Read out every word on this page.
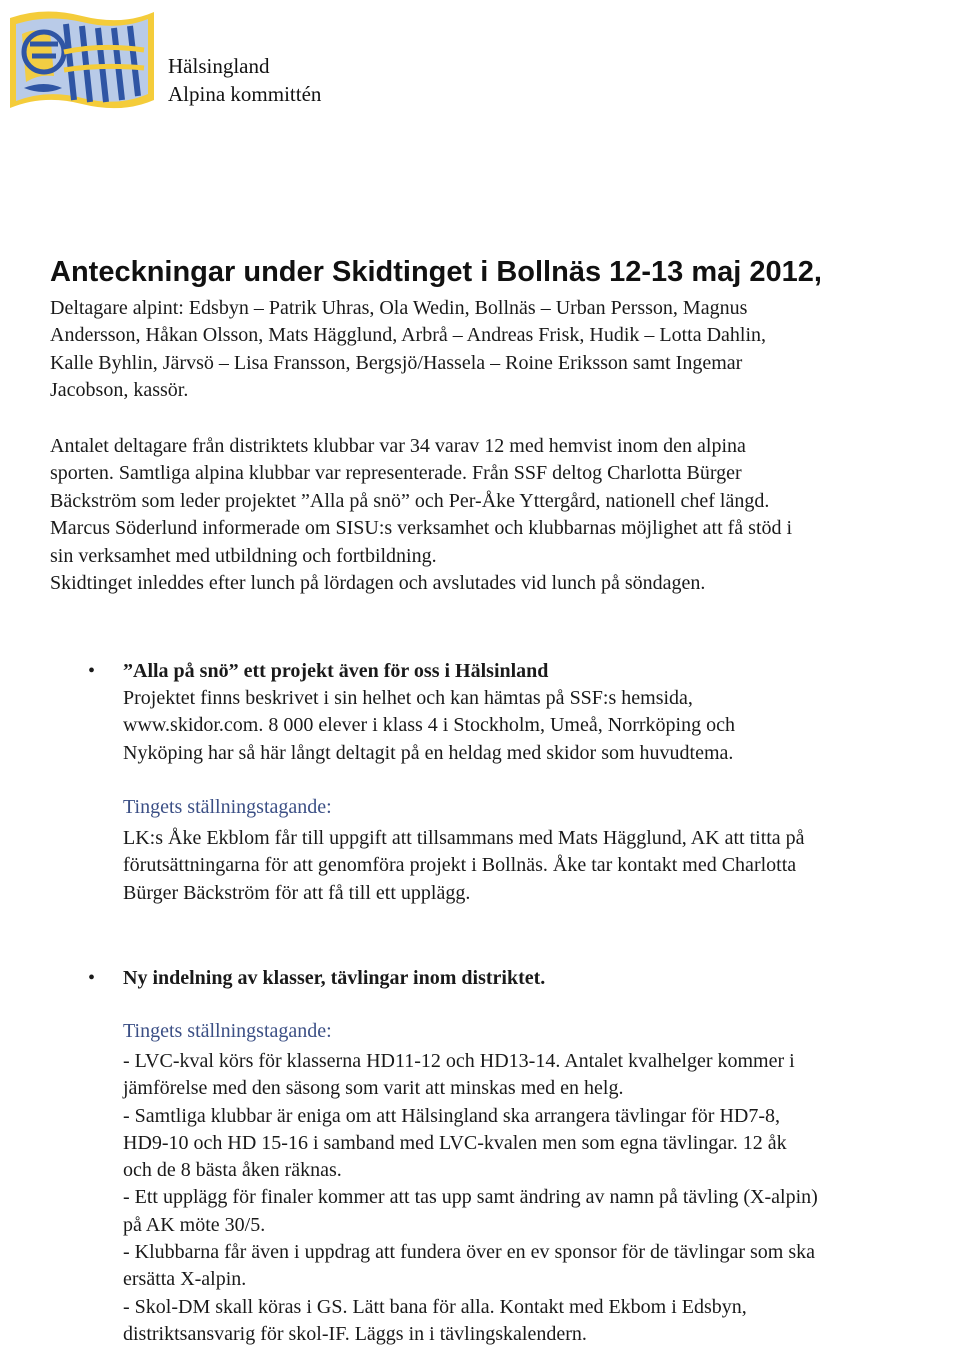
Hälsingland
Alpina kommittén
Anteckningar under Skidtinget i Bollnäs 12-13 maj 2012,

Deltagare alpint: Edsbyn – Patrik Uhras, Ola Wedin, Bollnäs – Urban Persson, Magnus
Andersson, Håkan Olsson, Mats Hägglund, Arbrå – Andreas Frisk, Hudik – Lotta Dahlin,
Kalle Byhlin, Järvsö – Lisa Fransson, Bergsjö/Hassela – Roine Eriksson samt Ingemar
Jacobson, kassör.

Antalet deltagare från distriktets klubbar var 34 varav 12 med hemvist inom den alpina
sporten. Samtliga alpina klubbar var representerade. Från SSF deltog Charlotta Bürger
Bäckström som leder projektet ”Alla på snö” och Per-Åke Yttergård, nationell chef längd.
Marcus Söderlund informerade om SISU:s verksamhet och klubbarnas möjlighet att få stöd i
sin verksamhet med utbildning och fortbildning.
Skidtinget inleddes efter lunch på lördagen och avslutades vid lunch på söndagen.

• ”Alla på snö” ett projekt även för oss i Hälsinland

Projektet finns beskrivet i sin helhet och kan hämtas på SSF:s hemsida,
www.skidor.com. 8 000 elever i klass 4 i Stockholm, Umeå, Norrköping och
Nyköping har så här långt deltagit på en heldag med skidor som huvudtema.

Tingets ställningstagande:

LK:s Åke Ekblom får till uppgift att tillsammans med Mats Hägglund, AK att titta på
förutsättningarna för att genomföra projekt i Bollnäs. Åke tar kontakt med Charlotta
Bürger Bäckström för att få till ett upplägg.

• Ny indelning av klasser, tävlingar inom distriktet.

Tingets ställningstagande:

- LVC-kval körs för klasserna HD11-12 och HD13-14. Antalet kvalhelger kommer i
jämförelse med den säsong som varit att minskas med en helg.
- Samtliga klubbar är eniga om att Hälsingland ska arrangera tävlingar för HD7-8,
HD9-10 och HD 15-16 i samband med LVC-kvalen men som egna tävlingar. 12 åk
och de 8 bästa åken räknas.
- Ett upplägg för finaler kommer att tas upp samt ändring av namn på tävling (X-alpin)
på AK möte 30/5.
- Klubbarna får även i uppdrag att fundera över en ev sponsor för de tävlingar som ska
ersätta X-alpin.
- Skol-DM skall köras i GS. Lätt bana för alla. Kontakt med Ekbom i Edsbyn,
distriktsansvarig för skol-IF. Läggs in i tävlingskalendern.
